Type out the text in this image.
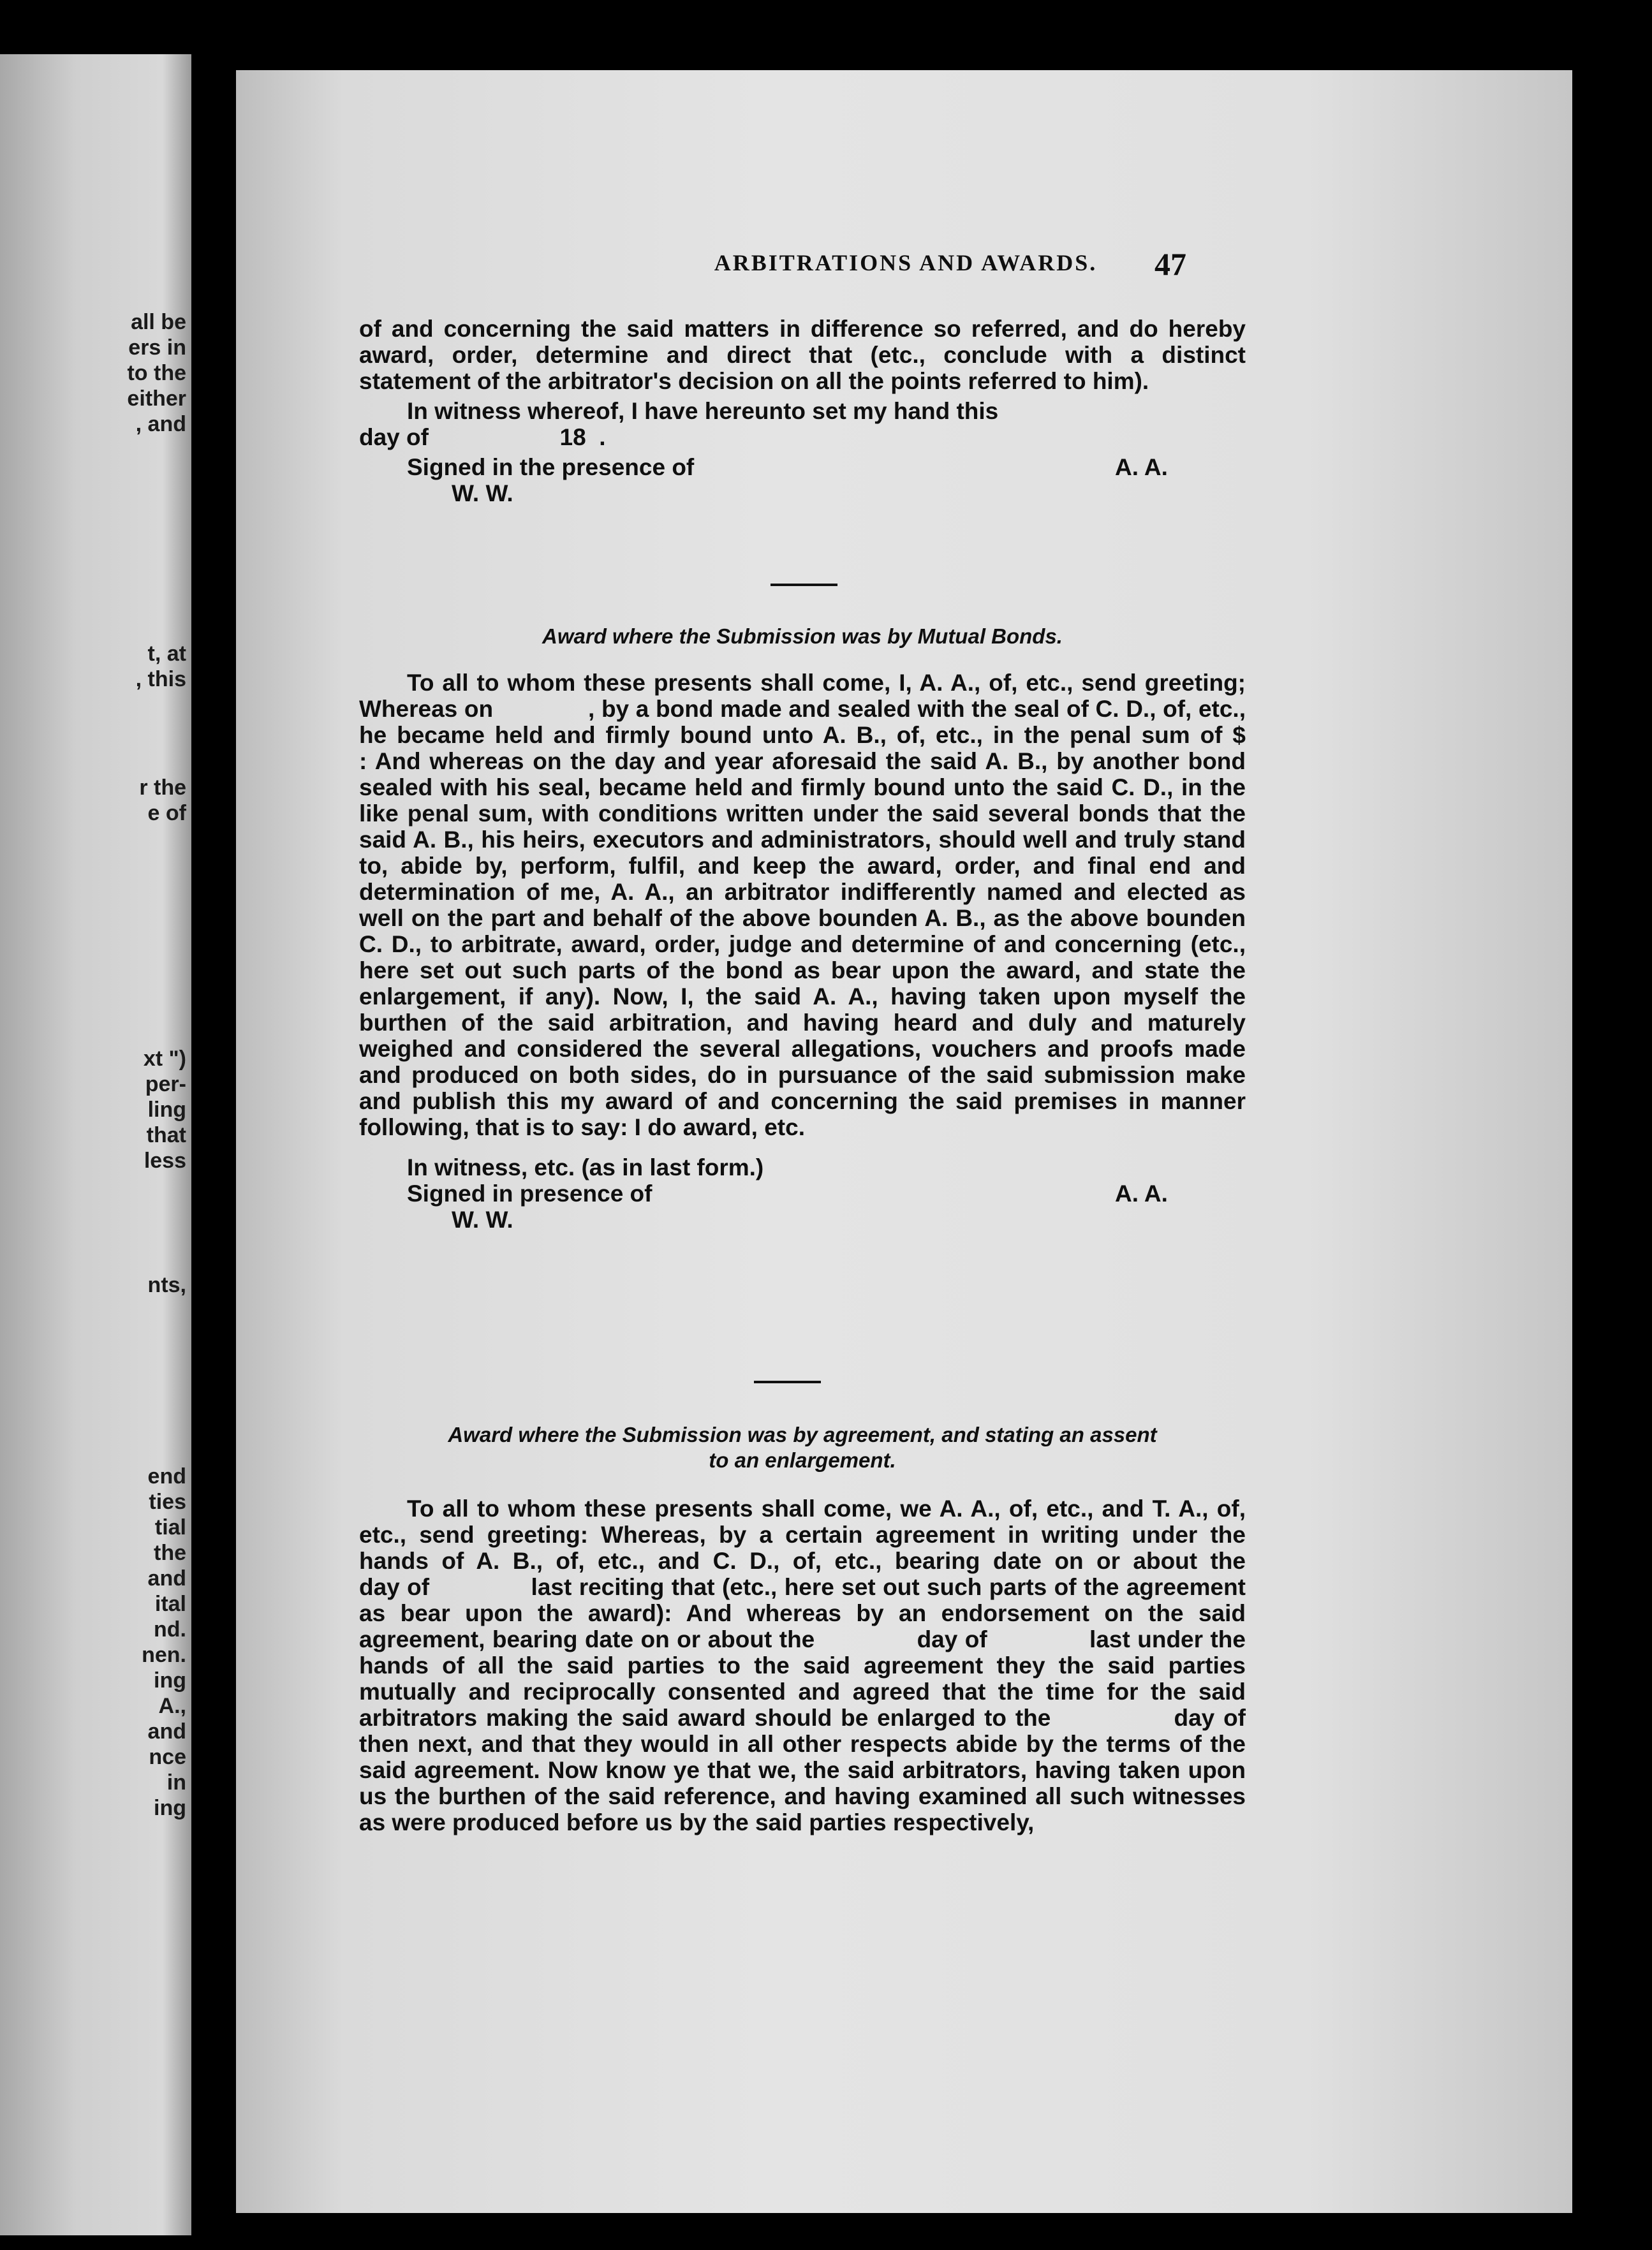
all be
ers in
to the
either
, and
t, at
, this
r the
e of
xt ")
per-
ling
that
less
nts,
end
ties
tial
the
and
ital
nd.
nen.
ing
A.,
and
nce
in
ing
ARBITRATIONS AND AWARDS.	47

of and concerning the said matters in difference so referred, and do hereby award, order, determine and direct that (etc., conclude with a distinct statement of the arbitrator's decision on all the points referred to him).

In witness whereof, I have hereunto set my hand this

day of                    18  .

Signed in the presence of	A. A.

W. W.

Award where the Submission was by Mutual Bonds.

To all to whom these presents shall come, I, A. A., of, etc., send greeting; Whereas on              , by a bond made and sealed with the seal of C. D., of, etc., he became held and firmly bound unto A. B., of, etc., in the penal sum of $              : And whereas on the day and year aforesaid the said A. B., by another bond sealed with his seal, became held and firmly bound unto the said C. D., in the like penal sum, with conditions written under the said several bonds that the said A. B., his heirs, executors and administrators, should well and truly stand to, abide by, perform, fulfil, and keep the award, order, and final end and determination of me, A. A., an arbitrator indifferently named and elected as well on the part and behalf of the above bounden A. B., as the above bounden C. D., to arbitrate, award, order, judge and determine of and concerning (etc., here set out such parts of the bond as bear upon the award, and state the enlargement, if any). Now, I, the said A. A., having taken upon myself the burthen of the said arbitration, and having heard and duly and maturely weighed and considered the several allegations, vouchers and proofs made and produced on both sides, do in pursuance of the said submission make and publish this my award of and concerning the said premises in manner following, that is to say: I do award, etc.

In witness, etc. (as in last form.)

Signed in presence of	A. A.

W. W.

Award where the Submission was by agreement, and stating an assent
to an enlargement.

To all to whom these presents shall come, we A. A., of, etc., and T. A., of, etc., send greeting: Whereas, by a certain agreement in writing under the hands of A. B., of, etc., and C. D., of, etc., bearing date on or about the              day of              last reciting that (etc., here set out such parts of the agreement as bear upon the award): And whereas by an endorsement on the said agreement, bearing date on or about the              day of              last under the hands of all the said parties to the said agreement they the said parties mutually and reciprocally consented and agreed that the time for the said arbitrators making the said award should be enlarged to the              day of              then next, and that they would in all other respects abide by the terms of the said agreement. Now know ye that we, the said arbitrators, having taken upon us the burthen of the said reference, and having examined all such witnesses as were produced before us by the said parties respectively,
